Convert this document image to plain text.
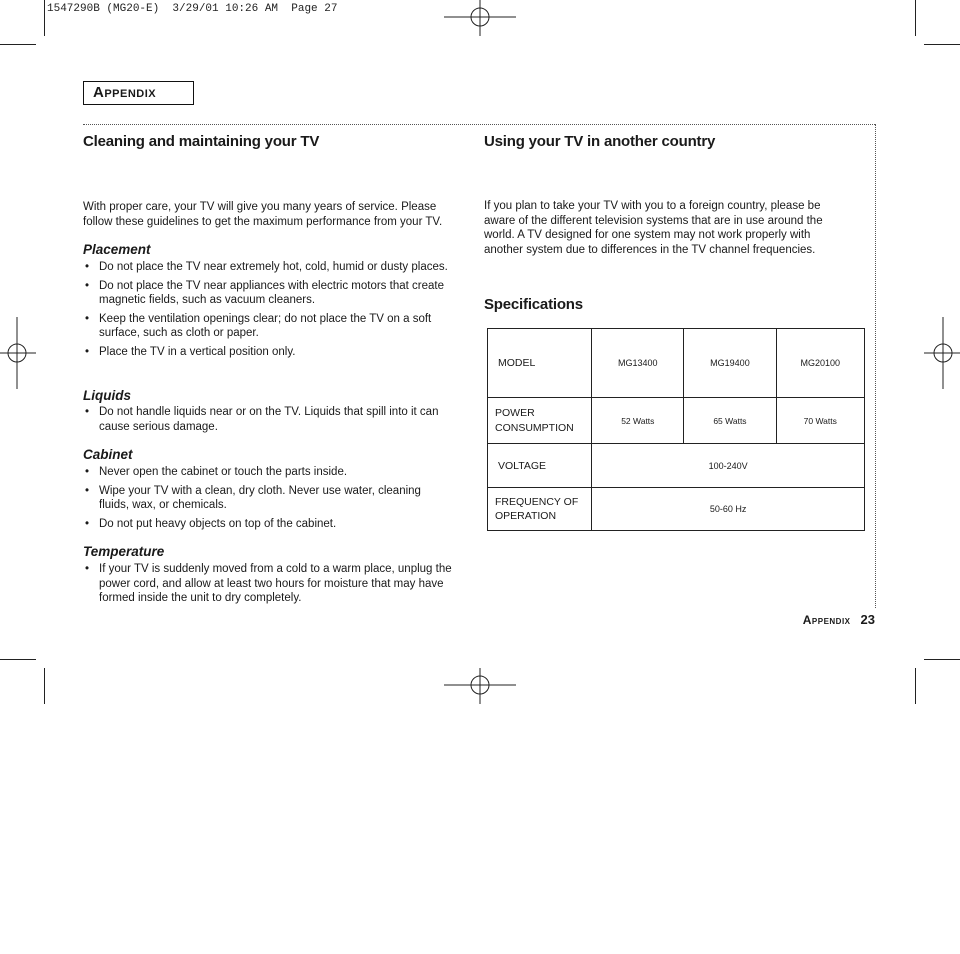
1547290B (MG20-E)  3/29/01 10:26 AM  Page 27
Appendix
Cleaning and maintaining your TV

With proper care, your TV will give you many years of service. Please follow these guidelines to get the maximum performance from your TV.

Placement
• Do not place the TV near extremely hot, cold, humid or dusty places.
• Do not place the TV near appliances with electric motors that create magnetic fields, such as vacuum cleaners.
• Keep the ventilation openings clear; do not place the TV on a soft surface, such as cloth or paper.
• Place the TV in a vertical position only.
Liquids
• Do not handle liquids near or on the TV. Liquids that spill into it can cause serious damage.
Cabinet
• Never open the cabinet or touch the parts inside.
• Wipe your TV with a clean, dry cloth. Never use water, cleaning fluids, wax, or chemicals.
• Do not put heavy objects on top of the cabinet.
Temperature
• If your TV is suddenly moved from a cold to a warm place, unplug the power cord, and allow at least two hours for moisture that may have formed inside the unit to dry completely.
Using your TV in another country

If you plan to take your TV with you to a foreign country, please be aware of the different television systems that are in use around the world. A TV designed for one system may not work properly with another system due to differences in the TV channel frequencies.

Specifications
MODEL	MG13400	MG19400	MG20100
POWER CONSUMPTION	52 Watts	65 Watts	70 Watts
VOLTAGE	100-240V		
FREQUENCY OF OPERATION	50-60 Hz		
Appendix 23
